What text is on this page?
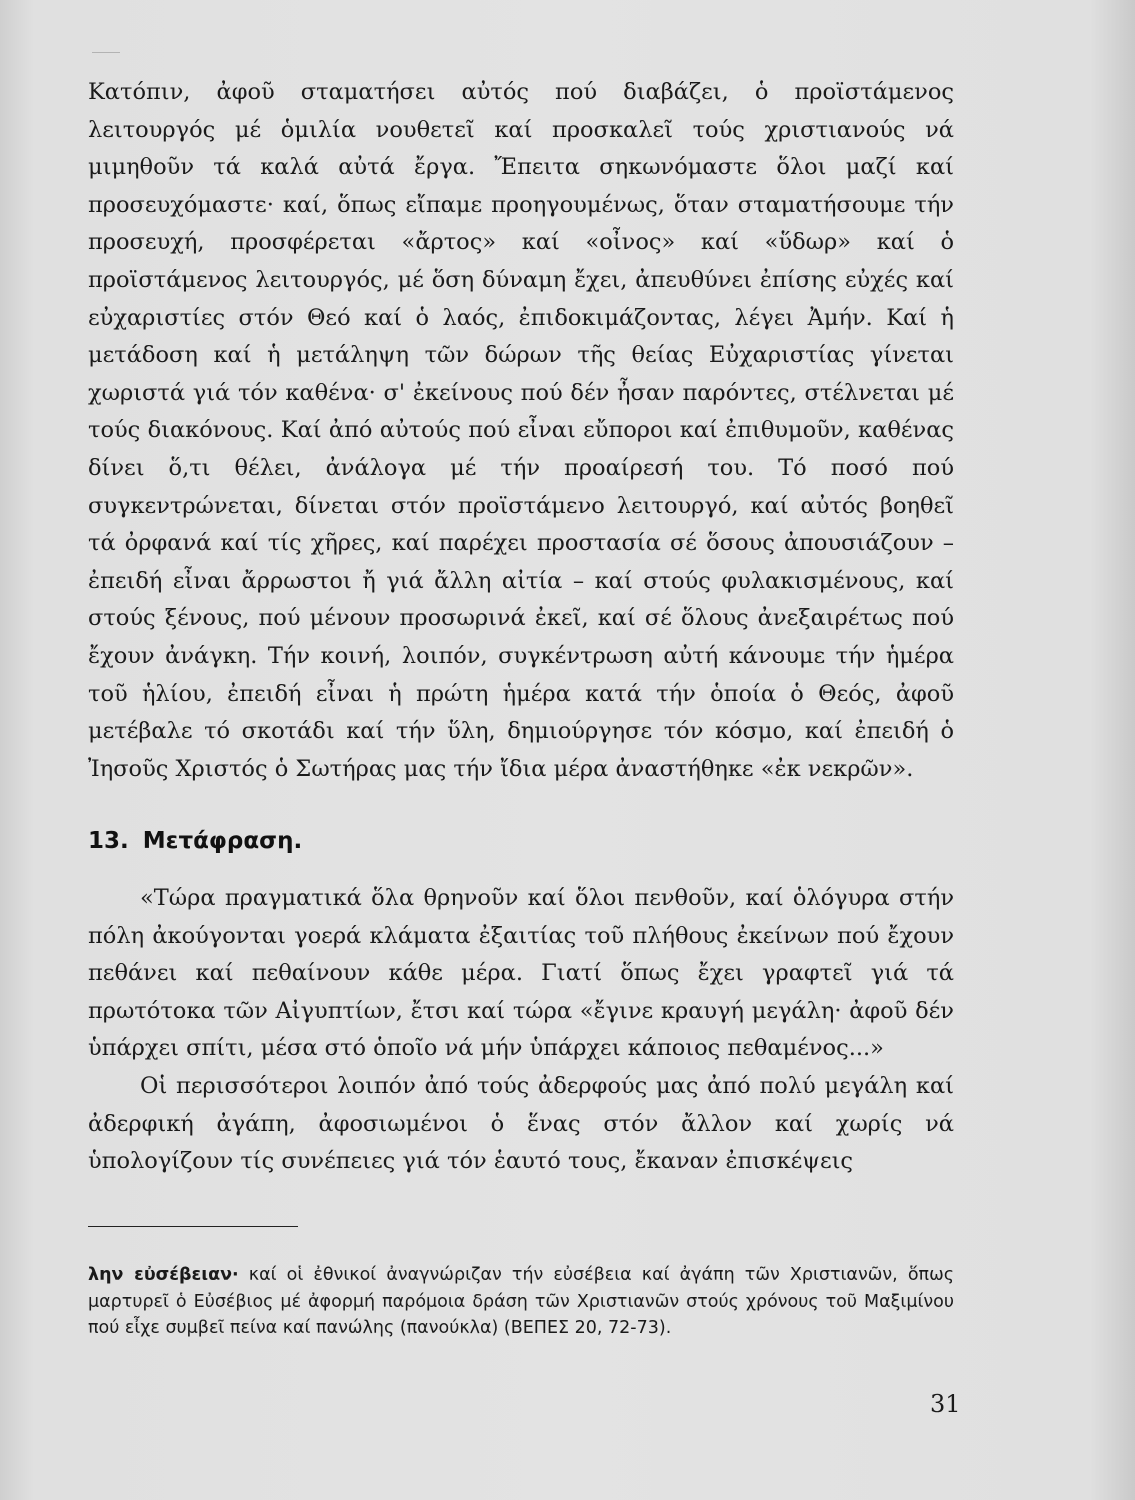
Κατόπιν, ἀφοῦ σταματήσει αὐτός πού διαβάζει, ὁ προϊστάμενος λειτουργός μέ ὁμιλία νουθετεῖ καί προσκαλεῖ τούς χριστιανούς νά μιμηθοῦν τά καλά αὐτά ἔργα. Ἔπειτα σηκωνόμαστε ὅλοι μαζί καί προσευχόμαστε· καί, ὅπως εἴπαμε προηγουμένως, ὅταν σταματήσουμε τήν προσευχή, προσφέρεται «ἄρτος» καί «οἶνος» καί «ὕδωρ» καί ὁ προϊστάμενος λειτουργός, μέ ὅση δύναμη ἔχει, ἀπευθύνει ἐπίσης εὐχές καί εὐχαριστίες στόν Θεό καί ὁ λαός, ἐπιδοκιμάζοντας, λέγει Ἀμήν. Καί ἡ μετάδοση καί ἡ μετάληψη τῶν δώρων τῆς θείας Εὐχαριστίας γίνεται χωριστά γιά τόν καθένα· σ' ἐκείνους πού δέν ἦσαν παρόντες, στέλνεται μέ τούς διακόνους. Καί ἀπό αὐτούς πού εἶναι εὔποροι καί ἐπιθυμοῦν, καθένας δίνει ὅ,τι θέλει, ἀνάλογα μέ τήν προαίρεσή του. Τό ποσό πού συγκεντρώνεται, δίνεται στόν προϊστάμενο λειτουργό, καί αὐτός βοηθεῖ τά ὀρφανά καί τίς χῆρες, καί παρέχει προστασία σέ ὅσους ἀπουσιάζουν – ἐπειδή εἶναι ἄρρωστοι ἤ γιά ἄλλη αἰτία – καί στούς φυλακισμένους, καί στούς ξένους, πού μένουν προσωρινά ἐκεῖ, καί σέ ὅλους ἀνεξαιρέτως πού ἔχουν ἀνάγκη. Τήν κοινή, λοιπόν, συγκέντρωση αὐτή κάνουμε τήν ἡμέρα τοῦ ἡλίου, ἐπειδή εἶναι ἡ πρώτη ἡμέρα κατά τήν ὁποία ὁ Θεός, ἀφοῦ μετέβαλε τό σκοτάδι καί τήν ὕλη, δημιούργησε τόν κόσμο, καί ἐπειδή ὁ Ἰησοῦς Χριστός ὁ Σωτήρας μας τήν ἴδια μέρα ἀναστήθηκε «ἐκ νεκρῶν».

13. Μετάφραση.

«Τώρα πραγματικά ὅλα θρηνοῦν καί ὅλοι πενθοῦν, καί ὁλόγυρα στήν πόλη ἀκούγονται γοερά κλάματα ἐξαιτίας τοῦ πλήθους ἐκείνων πού ἔχουν πεθάνει καί πεθαίνουν κάθε μέρα. Γιατί ὅπως ἔχει γραφτεῖ γιά τά πρωτότοκα τῶν Αἰγυπτίων, ἔτσι καί τώρα «ἔγινε κραυγή μεγάλη· ἀφοῦ δέν ὑπάρχει σπίτι, μέσα στό ὁποῖο νά μήν ὑπάρχει κάποιος πεθαμένος...»

Οἱ περισσότεροι λοιπόν ἀπό τούς ἀδερφούς μας ἀπό πολύ μεγάλη καί ἀδερφική ἀγάπη, ἀφοσιωμένοι ὁ ἕνας στόν ἄλλον καί χωρίς νά ὑπολογίζουν τίς συνέπειες γιά τόν ἑαυτό τους, ἔκαναν ἐπισκέψεις

λην εὐσέβειαν· καί οἱ ἐθνικοί ἀναγνώριζαν τήν εὐσέβεια καί ἀγάπη τῶν Χριστιανῶν, ὅπως μαρτυρεῖ ὁ Εὐσέβιος μέ ἀφορμή παρόμοια δράση τῶν Χριστιανῶν στούς χρόνους τοῦ Μαξιμίνου πού εἶχε συμβεῖ πείνα καί πανώλης (πανούκλα) (ΒΕΠΕΣ 20, 72-73).

31
